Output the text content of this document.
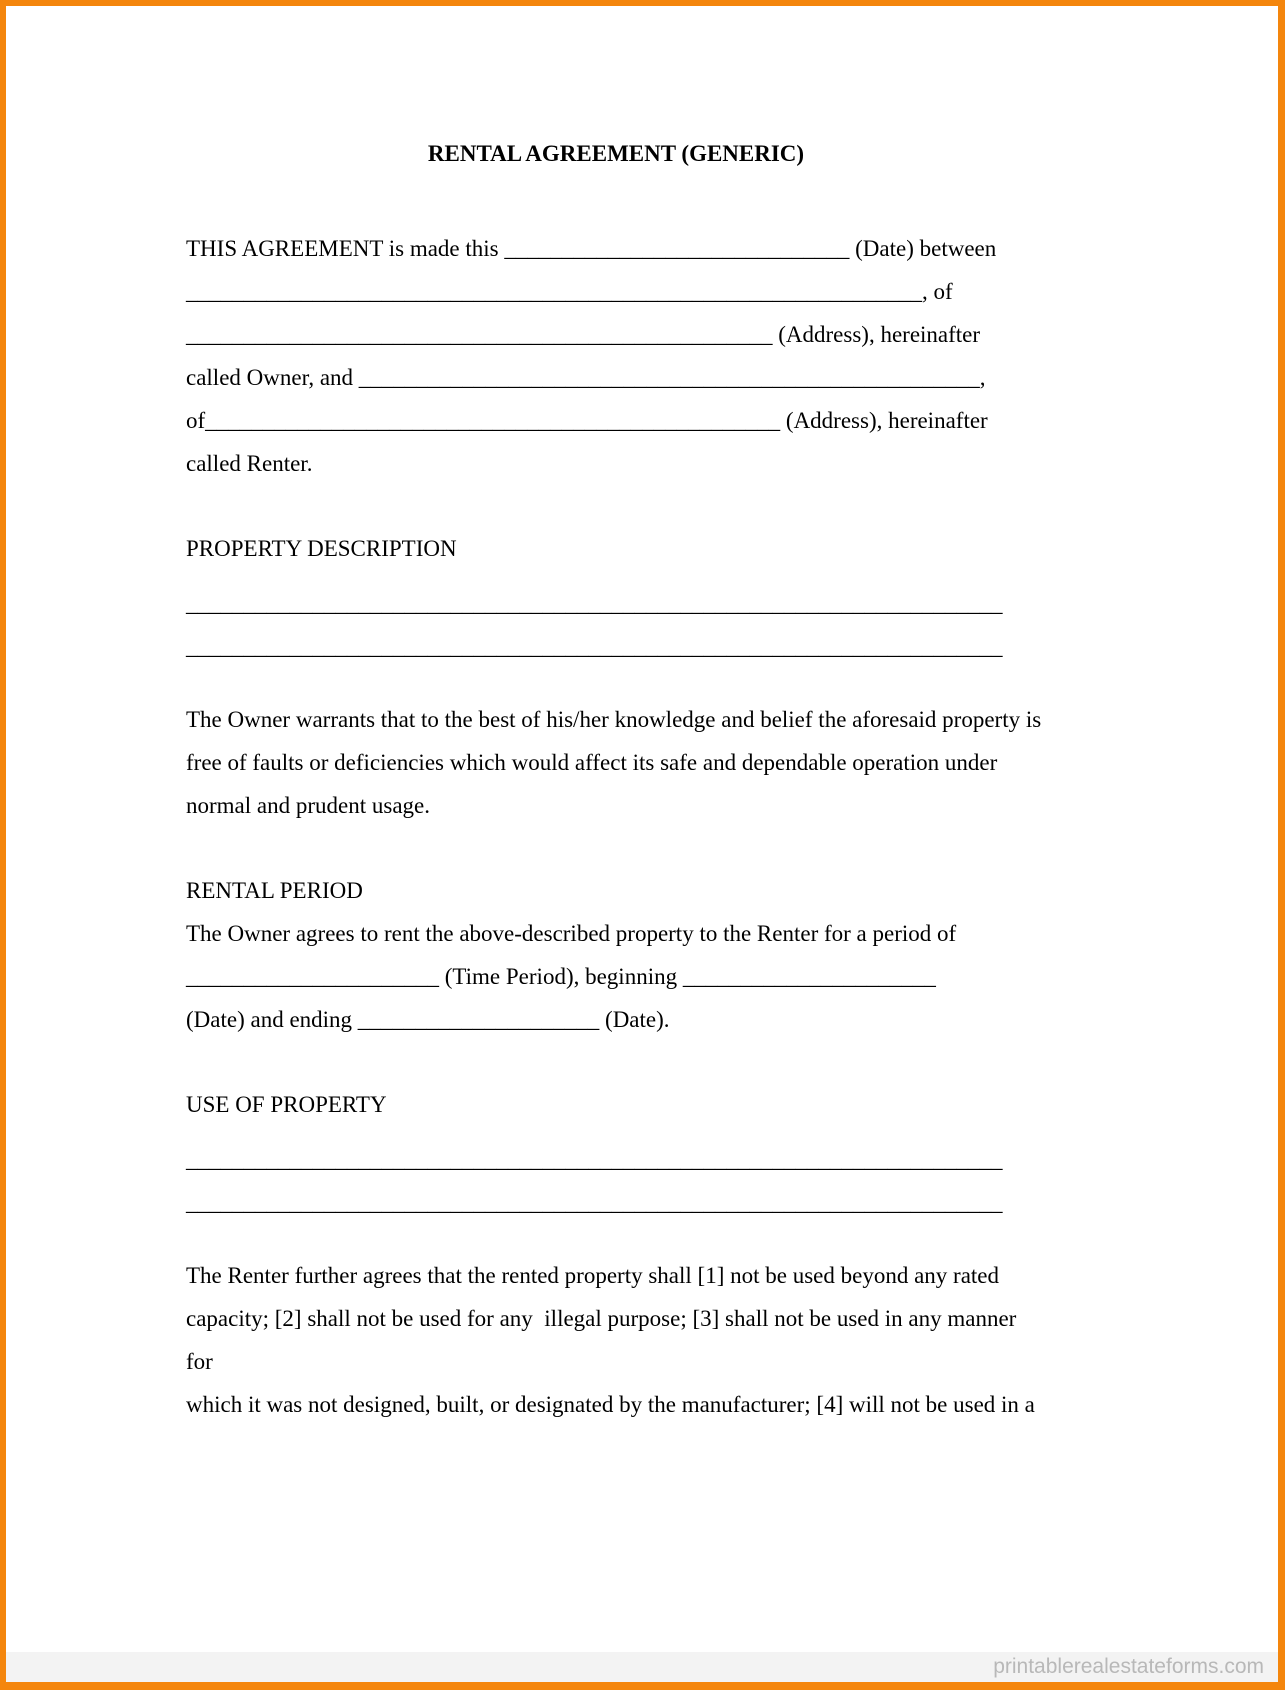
RENTAL AGREEMENT (GENERIC)
THIS AGREEMENT is made this ______________________________ (Date) between
________________________________________________________________, of
___________________________________________________ (Address), hereinafter
called Owner, and ______________________________________________________,
of__________________________________________________ (Address), hereinafter
called Renter.
PROPERTY DESCRIPTION
_______________________________________________________________________
_______________________________________________________________________
The Owner warrants that to the best of his/her knowledge and belief the aforesaid property is
free of faults or deficiencies which would affect its safe and dependable operation under
normal and prudent usage.
RENTAL PERIOD
The Owner agrees to rent the above-described property to the Renter for a period of
______________________ (Time Period), beginning ______________________
(Date) and ending _____________________ (Date).
USE OF PROPERTY
_______________________________________________________________________
_______________________________________________________________________
The Renter further agrees that the rented property shall [1] not be used beyond any rated
capacity; [2] shall not be used for any  illegal purpose; [3] shall not be used in any manner for
which it was not designed, built, or designated by the manufacturer; [4] will not be used in a
printablerealestateforms.com
